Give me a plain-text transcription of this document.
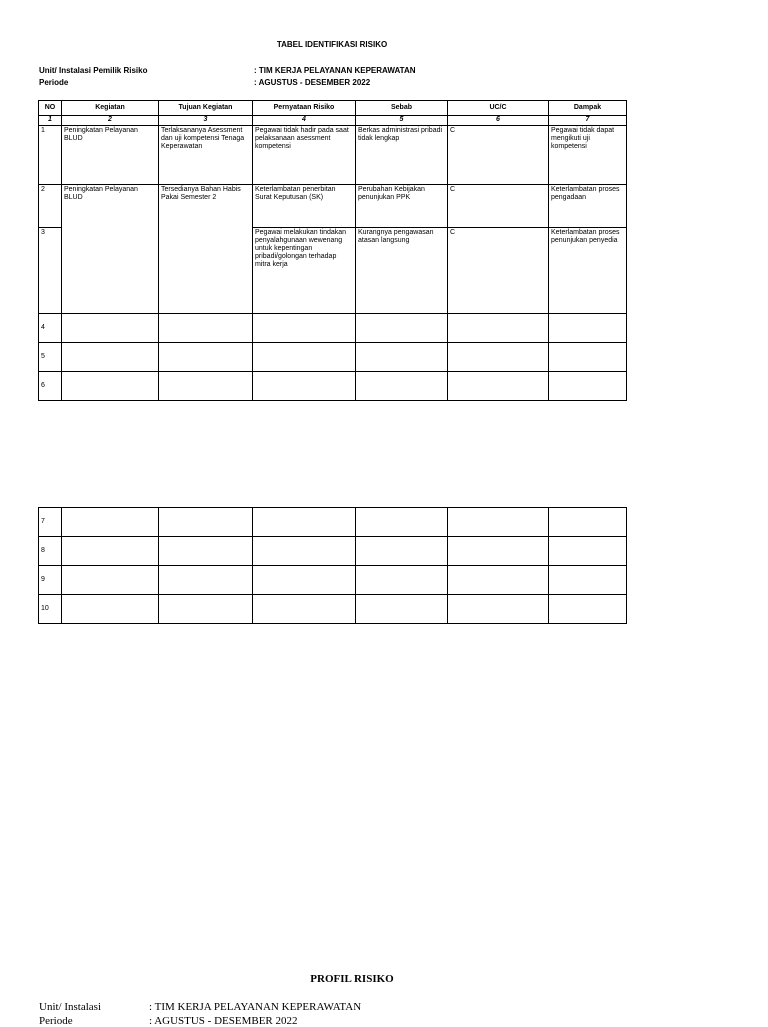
TABEL IDENTIFIKASI RISIKO
Unit/ Instalasi Pemilik Risiko	: TIM KERJA PELAYANAN KEPERAWATAN
Periode	: AGUSTUS - DESEMBER 2022
NO	Kegiatan	Tujuan Kegiatan	Pernyataan Risiko	Sebab	UC/C	Dampak
1	2	3	4	5	6	7
1	Peningkatan Pelayanan BLUD	Terlaksananya Asessment dan uji kompetensi Tenaga Keperawatan	Pegawai tidak hadir pada saat pelaksanaan asessment kompetensi	Berkas administrasi pribadi tidak lengkap	C	Pegawai tidak dapat mengikuti uji kompetensi
2	Peningkatan Pelayanan BLUD	Tersedianya Bahan Habis Pakai Semester 2	Keterlambatan penerbitan Surat Keputusan (SK)	Perubahan Kebijakan penunjukan PPK	C	Keterlambatan proses pengadaan
3			Pegawai melakukan tindakan penyalahgunaan wewenang untuk kepentingan pribadi/golongan terhadap mitra kerja	Kurangnya pengawasan atasan langsung	C	Keterlambatan proses penunjukan penyedia
4						
5						
6						
7						
8						
9						
10						
PROFIL RISIKO
Unit/ Instalasi	: TIM KERJA PELAYANAN KEPERAWATAN
Periode	: AGUSTUS - DESEMBER 2022
